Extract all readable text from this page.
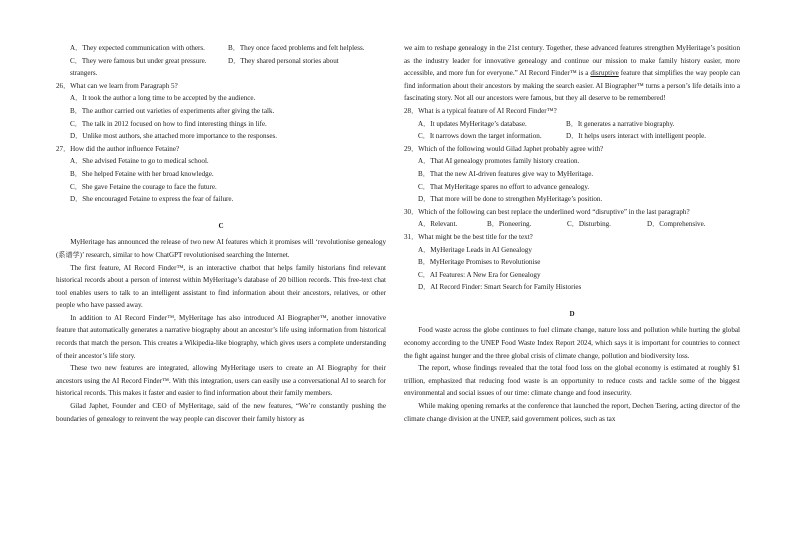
A．They expected communication with others.	B．They once faced problems and felt helpless.
C．They were famous but under great pressure.	D．They shared personal stories about
strangers.
26．What can we learn from Paragraph 5?
A．It took the author a long time to be accepted by the audience.
B．The author carried out varieties of experiments after giving the talk.
C．The talk in 2012 focused on how to find interesting things in life.
D．Unlike most authors, she attached more importance to the responses.
27．How did the author influence Fetaine?
A．She advised Fetaine to go to medical school.
B．She helped Fetaine with her broad knowledge.
C．She gave Fetaine the courage to face the future.
D．She encouraged Fetaine to express the fear of failure.
C
MyHeritage has announced the release of two new AI features which it promises will ‘revolutionise genealogy (系谱学)’ research, similar to how ChatGPT revolutionised searching the Internet.
The first feature, AI Record Finder™, is an interactive chatbot that helps family historians find relevant historical records about a person of interest within MyHeritage’s database of 20 billion records. This free-text chat tool enables users to talk to an intelligent assistant to find information about their ancestors, relatives, or other people who have passed away.
In addition to AI Record Finder™, MyHeritage has also introduced AI Biographer™, another innovative feature that automatically generates a narrative biography about an ancestor’s life using information from historical records that match the person. This creates a Wikipedia-like biography, which gives users a complete understanding of their ancestor’s life story.
These two new features are integrated, allowing MyHeritage users to create an AI Biography for their ancestors using the AI Record Finder™. With this integration, users can easily use a conversational AI to search for historical records. This makes it faster and easier to find information about their family members.
Gilad Japhet, Founder and CEO of MyHeritage, said of the new features, “We’re constantly pushing the boundaries of genealogy to reinvent the way people can discover their family history as
we aim to reshape genealogy in the 21st century. Together, these advanced features strengthen MyHeritage’s position as the industry leader for innovative genealogy and continue our mission to make family history easier, more accessible, and more fun for everyone.” AI Record Finder™ is a disruptive feature that simplifies the way people can find information about their ancestors by making the search easier. AI Biographer™ turns a person’s life details into a fascinating story. Not all our ancestors were famous, but they all deserve to be remembered!
28．What is a typical feature of AI Record Finder™?
A．It updates MyHeritage’s database.	B．It generates a narrative biography.
C．It narrows down the target information.	D．It helps users interact with intelligent people.
29．Which of the following would Gilad Japhet probably agree with?
A．That AI genealogy promotes family history creation.
B．That the new AI-driven features give way to MyHeritage.
C．That MyHeritage spares no effort to advance genealogy.
D．That more will be done to strengthen MyHeritage’s position.
30．Which of the following can best replace the underlined word “disruptive” in the last paragraph?
A．Relevant.	B．Pioneering.	C．Disturbing.	D．Comprehensive.
31．What might be the best title for the text?
A．MyHeritage Leads in AI Genealogy
B．MyHeritage Promises to Revolutionise
C．AI Features: A New Era for Genealogy
D．AI Record Finder: Smart Search for Family Histories
D
Food waste across the globe continues to fuel climate change, nature loss and pollution while hurting the global economy according to the UNEP Food Waste Index Report 2024, which says it is important for countries to connect the fight against hunger and the three global crisis of climate change, pollution and biodiversity loss.
The report, whose findings revealed that the total food loss on the global economy is estimated at roughly $1 trillion, emphasized that reducing food waste is an opportunity to reduce costs and tackle some of the biggest environmental and social issues of our time: climate change and food insecurity.
While making opening remarks at the conference that launched the report, Dechen Tsering, acting director of the climate change division at the UNEP, said government polices, such as tax
